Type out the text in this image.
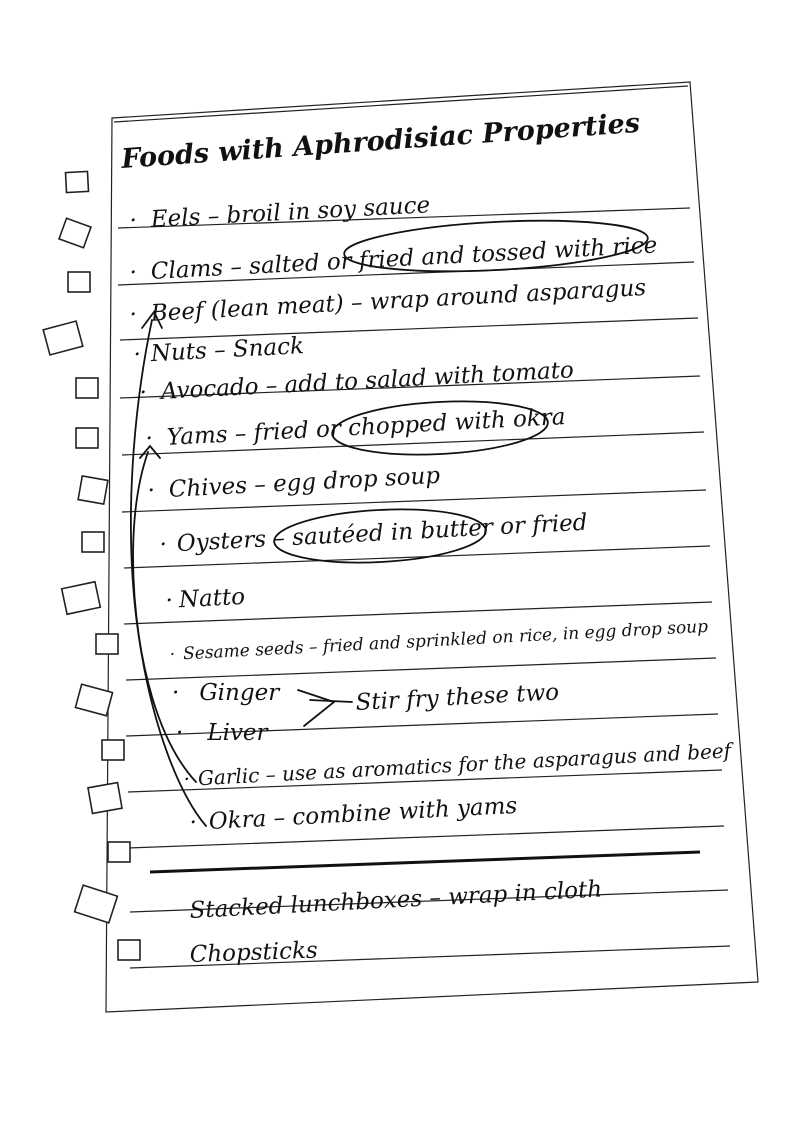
Foods with Aphrodisiac Properties
· Eels – broil in soy sauce
· Clams – salted or fried and tossed with rice
· Beef (lean meat) – wrap around asparagus
· Nuts – Snack
· Avocado – add to salad with tomato
· Yams – fried or chopped with okra
· Chives – egg drop soup
· Oysters – sautéed in butter or fried
· Natto
· Sesame seeds – fried and sprinkled on rice, in egg drop soup
· Ginger
· Liver
· Garlic – use as aromatics for the asparagus and beef
· Okra – combine with yams
Stir fry these two
Stacked lunchboxes – wrap in cloth
Chopsticks
